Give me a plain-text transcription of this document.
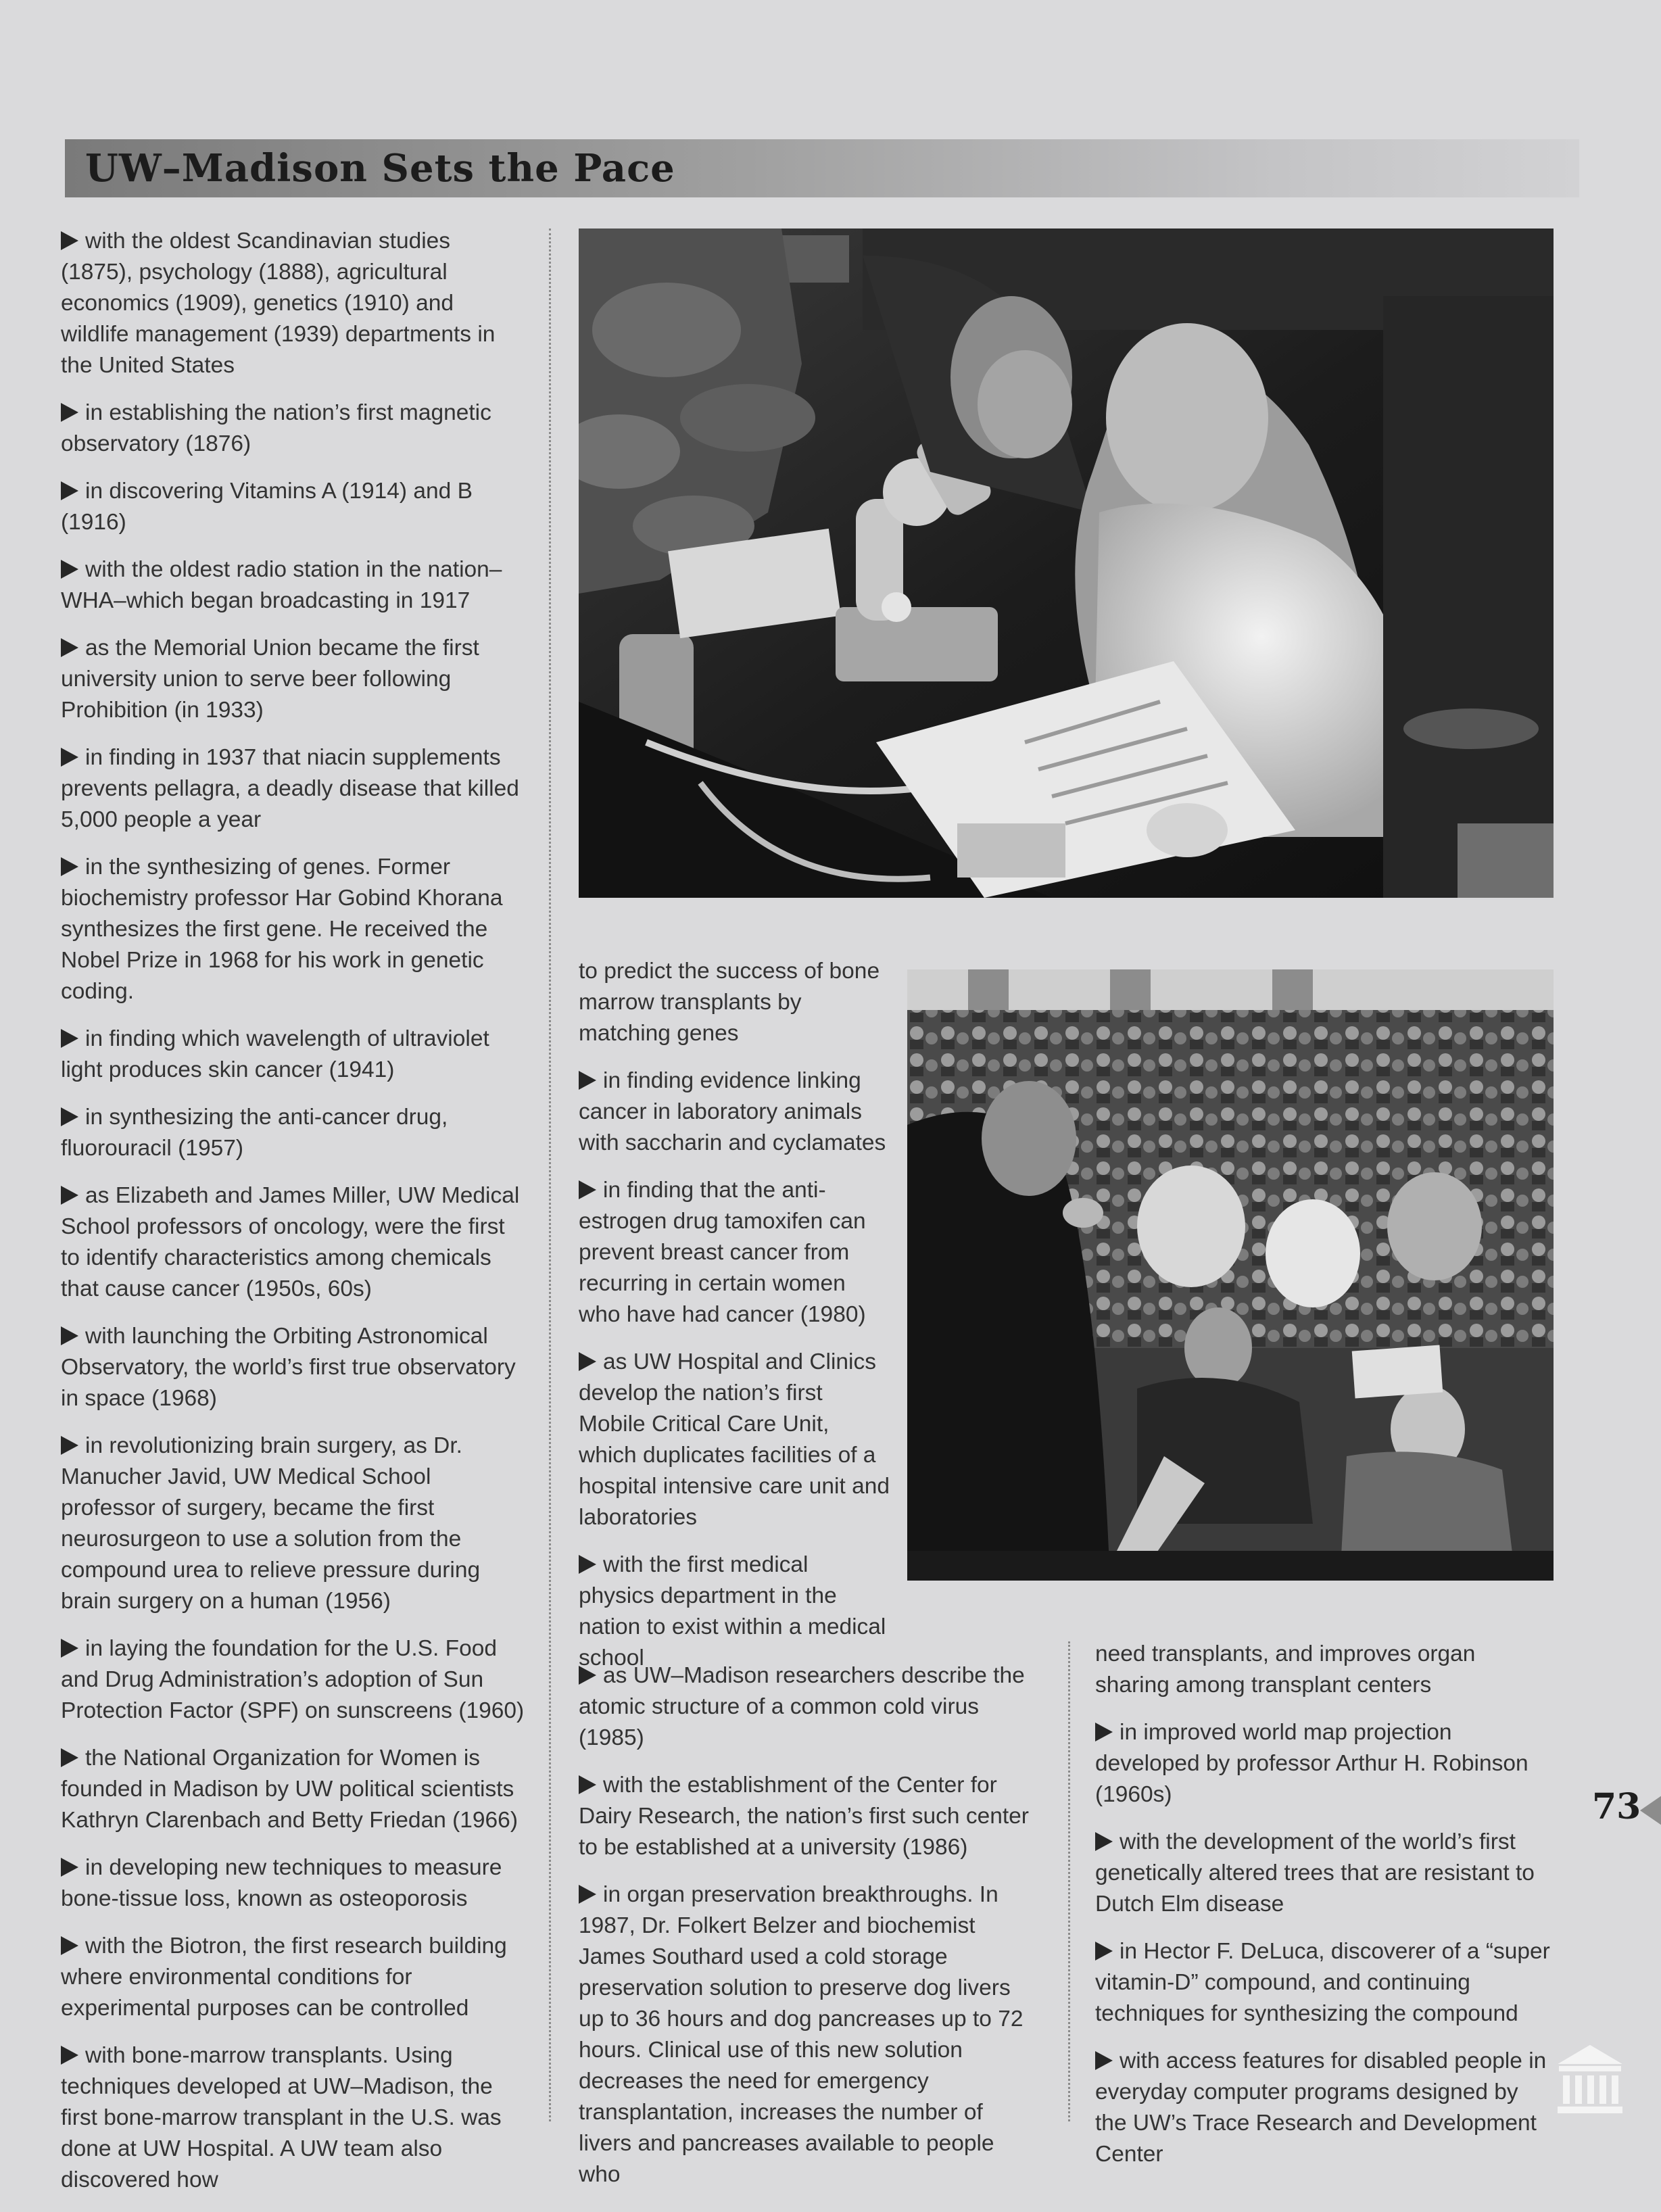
UW–Madison Sets the Pace
with the oldest Scandinavian studies (1875), psychology (1888), agricultural economics (1909), genetics (1910) and wildlife management (1939) departments in the United States
in establishing the nation’s first magnetic observatory (1876)
in discovering Vitamins A (1914) and B (1916)
with the oldest radio station in the nation–WHA–which began broadcasting in 1917
as the Memorial Union became the first university union to serve beer following Prohibition (in 1933)
in finding in 1937 that niacin supplements prevents pellagra, a deadly disease that killed 5,000 people a year
in the synthesizing of genes. Former biochemistry professor Har Gobind Khorana synthesizes the first gene. He received the Nobel Prize in 1968 for his work in genetic coding.
in finding which wavelength of ultraviolet light produces skin cancer (1941)
in synthesizing the anti-cancer drug, fluorouracil (1957)
as Elizabeth and James Miller, UW Medical School professors of oncology, were the first to identify characteristics among chemicals that cause cancer (1950s, 60s)
with launching the Orbiting Astronomical Observatory, the world’s first true observatory in space (1968)
in revolutionizing brain surgery, as Dr. Manucher Javid, UW Medical School professor of surgery, became the first neurosurgeon to use a solution from the compound urea to relieve pressure during brain surgery on a human (1956)
in laying the foundation for the U.S. Food and Drug Administration’s adoption of Sun Protection Factor (SPF) on sunscreens (1960)
the National Organization for Women is founded in Madison by UW political scientists Kathryn Clarenbach and Betty Friedan (1966)
in developing new techniques to measure bone-tissue loss, known as osteoporosis
with the Biotron, the first research building where environmental conditions for experimental purposes can be controlled
with bone-marrow transplants. Using techniques developed at UW–Madison, the first bone-marrow transplant in the U.S. was done at UW Hospital. A UW team also discovered how
to predict the success of bone marrow transplants by matching genes
in finding evidence linking cancer in laboratory animals with saccharin and cyclamates
in finding that the anti-estrogen drug tamoxifen can prevent breast cancer from recurring in certain women who have had cancer (1980)
as UW Hospital and Clinics develop the nation’s first Mobile Critical Care Unit, which duplicates facilities of a hospital intensive care unit and laboratories
with the first medical physics department in the nation to exist within a medical school
as UW–Madison researchers describe the atomic structure of a common cold virus (1985)
with the establishment of the Center for Dairy Research, the nation’s first such center to be established at a university (1986)
in organ preservation breakthroughs. In 1987, Dr. Folkert Belzer and biochemist James Southard used a cold storage preservation solution to preserve dog livers up to 36 hours and dog pancreases up to 72 hours. Clinical use of this new solution decreases the need for emergency transplantation, increases the number of livers and pancreases available to people who
need transplants, and improves organ sharing among transplant centers
in improved world map projection developed by professor Arthur H. Robinson (1960s)
with the development of the world’s first genetically altered trees that are resistant to Dutch Elm disease
in Hector F. DeLuca, discoverer of a “super vitamin-D” compound, and continuing techniques for synthesizing the compound
with access features for disabled people in everyday computer programs designed by the UW’s Trace Research and Development Center
73
